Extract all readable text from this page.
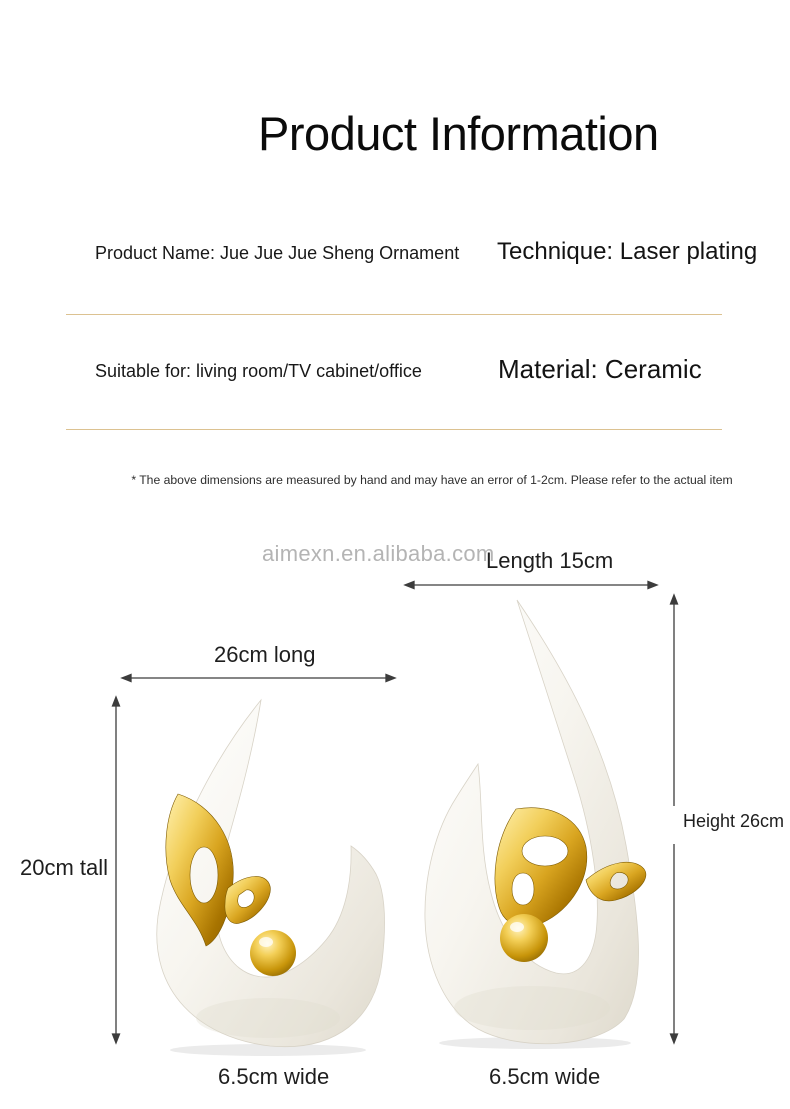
Product Information
Product Name: Jue Jue Jue Sheng Ornament Technique: Laser plating
Suitable for: living room/TV cabinet/office	Material: Ceramic
* The above dimensions are measured by hand and may have an error of 1-2cm. Please refer to the actual item
aimexn.en.alibaba.com
Length 15cm
26cm long
20cm tall
Height 26cm
6.5cm wide	6.5cm wide
